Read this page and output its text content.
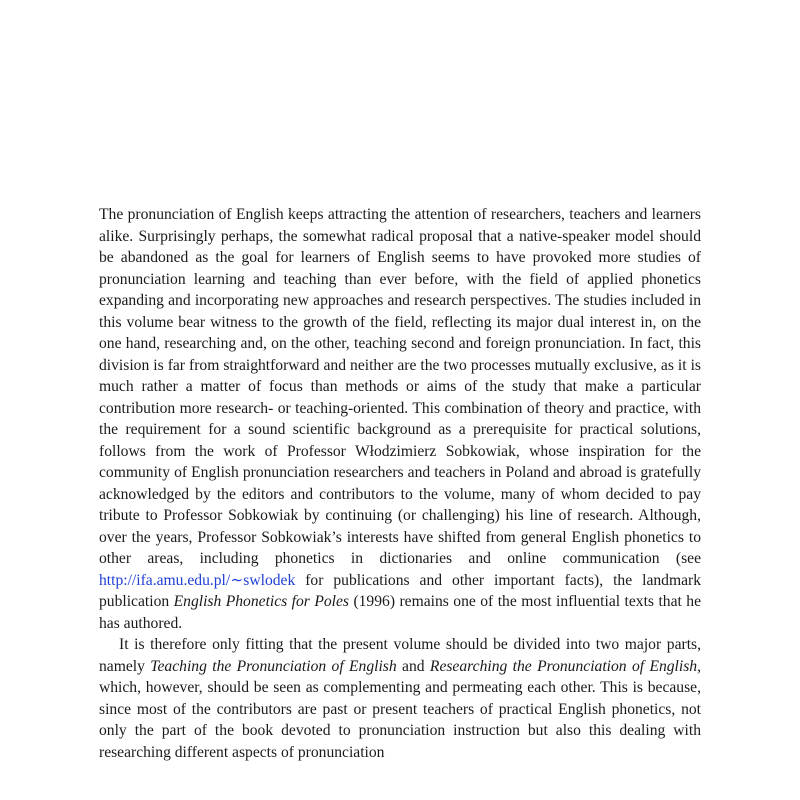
The pronunciation of English keeps attracting the attention of researchers, teachers and learners alike. Surprisingly perhaps, the somewhat radical proposal that a native-speaker model should be abandoned as the goal for learners of English seems to have provoked more studies of pronunciation learning and teaching than ever before, with the field of applied phonetics expanding and incorporating new approaches and research perspectives. The studies included in this volume bear witness to the growth of the field, reflecting its major dual interest in, on the one hand, researching and, on the other, teaching second and foreign pronunciation. In fact, this division is far from straightforward and neither are the two processes mutually exclusive, as it is much rather a matter of focus than methods or aims of the study that make a particular contribution more research- or teaching-oriented. This combination of theory and practice, with the requirement for a sound scientific background as a prerequisite for practical solutions, follows from the work of Professor Włodzimierz Sobkowiak, whose inspiration for the community of English pronunciation researchers and teachers in Poland and abroad is gratefully acknowledged by the editors and contributors to the volume, many of whom decided to pay tribute to Professor Sobkowiak by continuing (or challenging) his line of research. Although, over the years, Professor Sobkowiak’s interests have shifted from general English phonetics to other areas, including phonetics in dictionaries and online communication (see http://ifa.amu.edu.pl/∼swlodek for publications and other important facts), the landmark publication English Phonetics for Poles (1996) remains one of the most influential texts that he has authored.

It is therefore only fitting that the present volume should be divided into two major parts, namely Teaching the Pronunciation of English and Researching the Pronunciation of English, which, however, should be seen as complementing and permeating each other. This is because, since most of the contributors are past or present teachers of practical English phonetics, not only the part of the book devoted to pronunciation instruction but also this dealing with researching different aspects of pronunciation
